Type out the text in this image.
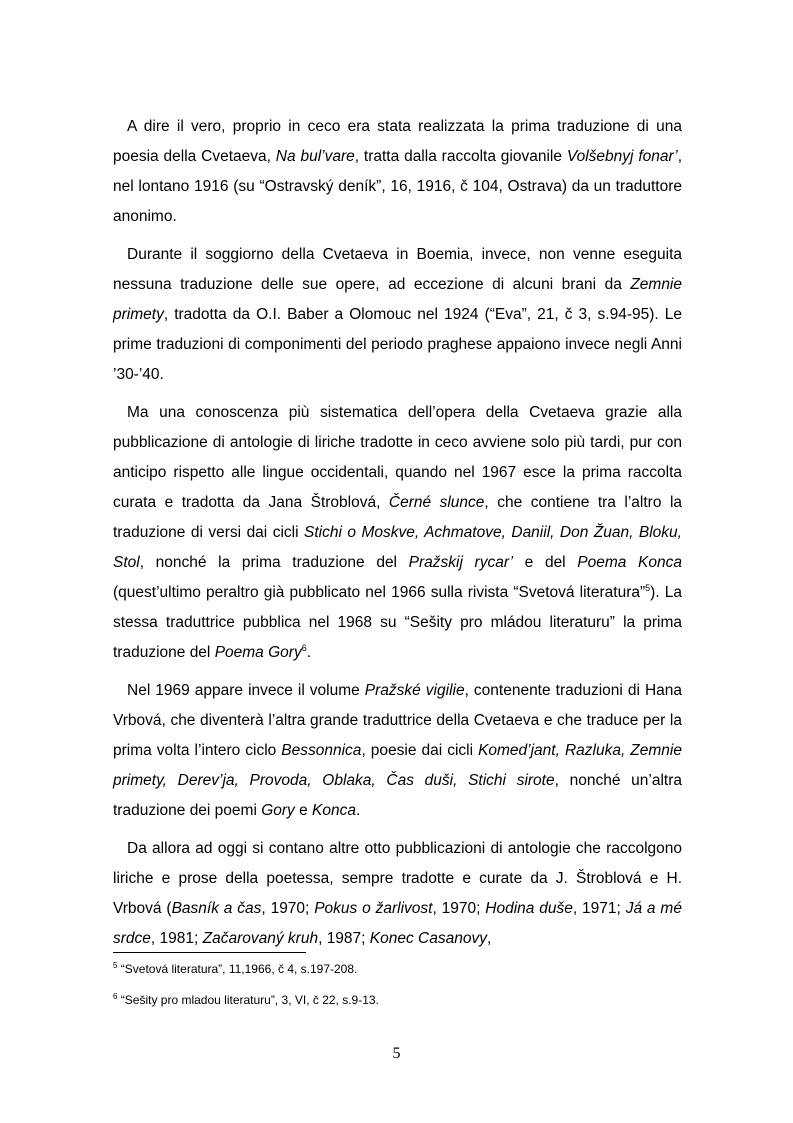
A dire il vero, proprio in ceco era stata realizzata la prima traduzione di una poesia della Cvetaeva, Na bul’vare, tratta dalla raccolta giovanile Volšebnyj fonar’, nel lontano 1916 (su “Ostravský deník”, 16, 1916, č 104, Ostrava) da un traduttore anonimo.

Durante il soggiorno della Cvetaeva in Boemia, invece, non venne eseguita nessuna traduzione delle sue opere, ad eccezione di alcuni brani da Zemnie primety, tradotta da O.I. Baber a Olomouc nel 1924 (“Eva”, 21, č 3, s.94-95). Le prime traduzioni di componimenti del periodo praghese appaiono invece negli Anni ’30-’40.

Ma una conoscenza più sistematica dell’opera della Cvetaeva grazie alla pubblicazione di antologie di liriche tradotte in ceco avviene solo più tardi, pur con anticipo rispetto alle lingue occidentali, quando nel 1967 esce la prima raccolta curata e tradotta da Jana Štroblová, Černé slunce, che contiene tra l’altro la traduzione di versi dai cicli Stichi o Moskve, Achmatove, Daniil, Don Žuan, Bloku, Stol, nonché la prima traduzione del Pražskij rycar’ e del Poema Konca (quest’ultimo peraltro già pubblicato nel 1966 sulla rivista “Svetová literatura”$^5$). La stessa traduttrice pubblica nel 1968 su “Sešity pro mládou literaturu” la prima traduzione del Poema Gory$^6$.

Nel 1969 appare invece il volume Pražské vigilie, contenente traduzioni di Hana Vrbová, che diventerà l’altra grande traduttrice della Cvetaeva e che traduce per la prima volta l’intero ciclo Bessonnica, poesie dai cicli Komed’jant, Razluka, Zemnie primety, Derev’ja, Provoda, Oblaka, Čas duši, Stichi sirote, nonché un’altra traduzione dei poemi Gory e Konca.

Da allora ad oggi si contano altre otto pubblicazioni di antologie che raccolgono liriche e prose della poetessa, sempre tradotte e curate da J. Štroblová e H. Vrbová (Basník a čas, 1970; Pokus o žarlivost, 1970; Hodina duše, 1971; Já a mé srdce, 1981; Začarovaný kruh, 1987; Konec Casanovy,

$^5$ “Svetová literatura”, 11,1966, č 4, s.197-208.

$^6$ “Sešity pro mladou literaturu”, 3, VI, č 22, s.9-13.

5
